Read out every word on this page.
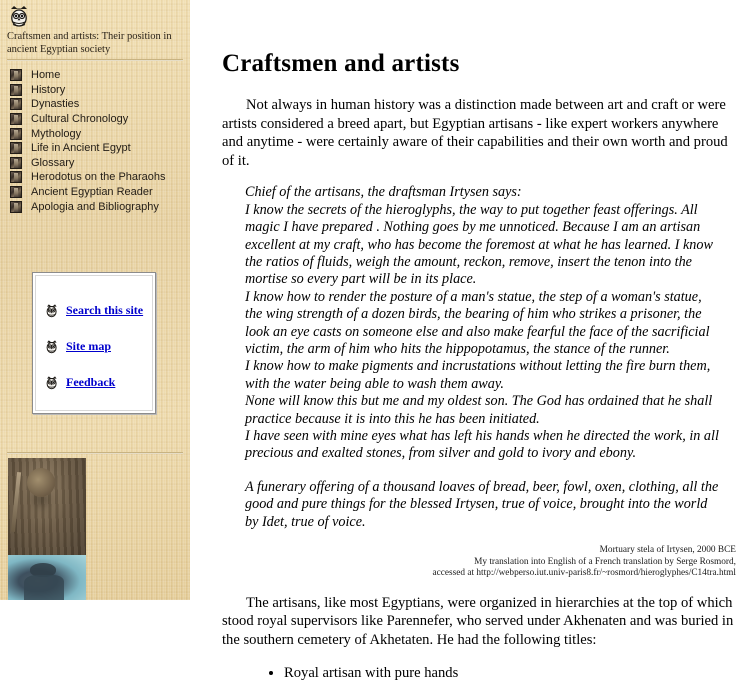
Craftsmen and artists: Their position in ancient Egyptian society
Home
History
Dynasties
Cultural Chronology
Mythology
Life in Ancient Egypt
Glossary
Herodotus on the Pharaohs
Ancient Egyptian Reader
Apologia and Bibliography
Search this site
Site map
Feedback
Craftsmen and artists

Not always in human history was a distinction made between art and craft or were artists considered a breed apart, but Egyptian artisans - like expert workers anywhere and anytime - were certainly aware of their capabilities and their own worth and proud of it.

Chief of the artisans, the draftsman Irtysen says:

I know the secrets of the hieroglyphs, the way to put together feast offerings. All magic I have prepared . Nothing goes by me unnoticed. Because I am an artisan excellent at my craft, who has become the foremost at what he has learned. I know the ratios of fluids, weigh the amount, reckon, remove, insert the tenon into the mortise so every part will be in its place.

I know how to render the posture of a man's statue, the step of a woman's statue, the wing strength of a dozen birds, the bearing of him who strikes a prisoner, the look an eye casts on someone else and also make fearful the face of the sacrificial victim, the arm of him who hits the hippopotamus, the stance of the runner.

I know how to make pigments and incrustations without letting the fire burn them, with the water being able to wash them away.

None will know this but me and my oldest son. The God has ordained that he shall practice because it is into this he has been initiated.

I have seen with mine eyes what has left his hands when he directed the work, in all precious and exalted stones, from silver and gold to ivory and ebony.

A funerary offering of a thousand loaves of bread, beer, fowl, oxen, clothing, all the good and pure things for the blessed Irtysen, true of voice, brought into the world by Idet, true of voice.

Mortuary stela of Irtysen, 2000 BCE
My translation into English of a French translation by Serge Rosmord,
accessed at http://webperso.iut.univ-paris8.fr/~rosmord/hieroglyphes/C14tra.html

The artisans, like most Egyptians, were organized in hierarchies at the top of which stood royal supervisors like Parennefer, who served under Akhenaten and was buried in the southern cemetery of Akhetaten. He had the following titles:

• Royal artisan with pure hands
